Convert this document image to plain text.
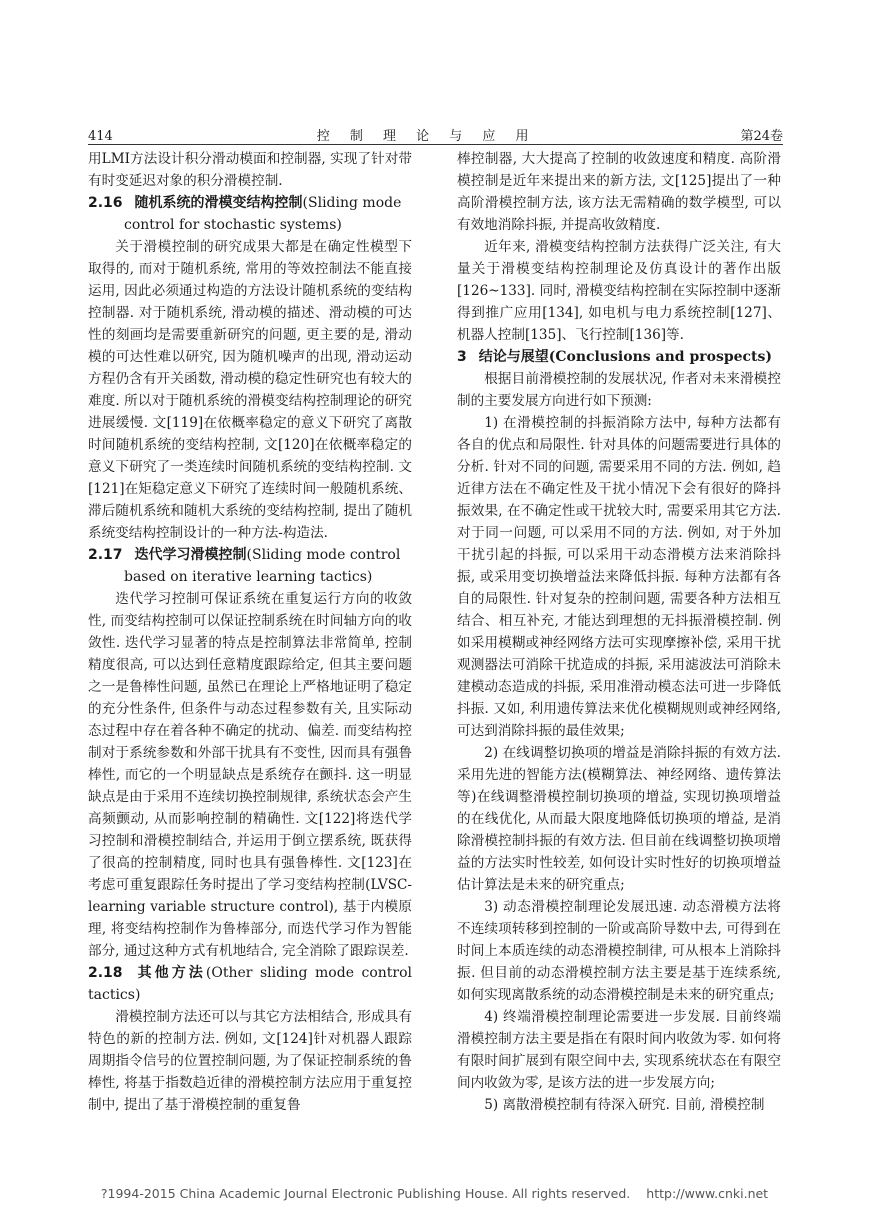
414	控 制 理 论 与 应 用	第24卷

用LMI方法设计积分滑动模面和控制器, 实现了针对带有时变延迟对象的积分滑模控制.

2.16 随机系统的滑模变结构控制(Sliding mode
control for stochastic systems)

关于滑模控制的研究成果大都是在确定性模型下取得的, 而对于随机系统, 常用的等效控制法不能直接运用, 因此必须通过构造的方法设计随机系统的变结构控制器. 对于随机系统, 滑动模的描述、滑动模的可达性的刻画均是需要重新研究的问题, 更主要的是, 滑动模的可达性难以研究, 因为随机噪声的出现, 滑动运动方程仍含有开关函数, 滑动模的稳定性研究也有较大的难度. 所以对于随机系统的滑模变结构控制理论的研究进展缓慢. 文[119]在依概率稳定的意义下研究了离散时间随机系统的变结构控制, 文[120]在依概率稳定的意义下研究了一类连续时间随机系统的变结构控制. 文[121]在矩稳定意义下研究了连续时间一般随机系统、滞后随机系统和随机大系统的变结构控制, 提出了随机系统变结构控制设计的一种方法-构造法.

2.17 迭代学习滑模控制(Sliding mode control
based on iterative learning tactics)

迭代学习控制可保证系统在重复运行方向的收敛性, 而变结构控制可以保证控制系统在时间轴方向的收敛性. 迭代学习显著的特点是控制算法非常简单, 控制精度很高, 可以达到任意精度跟踪给定, 但其主要问题之一是鲁棒性问题, 虽然已在理论上严格地证明了稳定的充分性条件, 但条件与动态过程参数有关, 且实际动态过程中存在着各种不确定的扰动、偏差. 而变结构控制对于系统参数和外部干扰具有不变性, 因而具有强鲁棒性, 而它的一个明显缺点是系统存在颤抖. 这一明显缺点是由于采用不连续切换控制规律, 系统状态会产生高频颤动, 从而影响控制的精确性. 文[122]将迭代学习控制和滑模控制结合, 并运用于倒立摆系统, 既获得了很高的控制精度, 同时也具有强鲁棒性. 文[123]在考虑可重复跟踪任务时提出了学习变结构控制(LVSC-learning variable structure control), 基于内模原理, 将变结构控制作为鲁棒部分, 而迭代学习作为智能部分, 通过这种方式有机地结合, 完全消除了跟踪误差.

2.18 其他方法(Other sliding mode control tactics)

滑模控制方法还可以与其它方法相结合, 形成具有特色的新的控制方法. 例如, 文[124]针对机器人跟踪周期指令信号的位置控制问题, 为了保证控制系统的鲁棒性, 将基于指数趋近律的滑模控制方法应用于重复控制中, 提出了基于滑模控制的重复鲁

棒控制器, 大大提高了控制的收敛速度和精度. 高阶滑模控制是近年来提出来的新方法, 文[125]提出了一种高阶滑模控制方法, 该方法无需精确的数学模型, 可以有效地消除抖振, 并提高收敛精度.

近年来, 滑模变结构控制方法获得广泛关注, 有大量关于滑模变结构控制理论及仿真设计的著作出版[126~133]. 同时, 滑模变结构控制在实际控制中逐渐得到推广应用[134], 如电机与电力系统控制[127]、机器人控制[135]、飞行控制[136]等.

3 结论与展望(Conclusions and prospects)

根据目前滑模控制的发展状况, 作者对未来滑模控制的主要发展方向进行如下预测:

1) 在滑模控制的抖振消除方法中, 每种方法都有各自的优点和局限性. 针对具体的问题需要进行具体的分析. 针对不同的问题, 需要采用不同的方法. 例如, 趋近律方法在不确定性及干扰小情况下会有很好的降抖振效果, 在不确定性或干扰较大时, 需要采用其它方法. 对于同一问题, 可以采用不同的方法. 例如, 对于外加干扰引起的抖振, 可以采用干动态滑模方法来消除抖振, 或采用变切换增益法来降低抖振. 每种方法都有各自的局限性. 针对复杂的控制问题, 需要各种方法相互结合、相互补充, 才能达到理想的无抖振滑模控制. 例如采用模糊或神经网络方法可实现摩擦补偿, 采用干扰观测器法可消除干扰造成的抖振, 采用滤波法可消除未建模动态造成的抖振, 采用准滑动模态法可进一步降低抖振. 又如, 利用遗传算法来优化模糊规则或神经网络, 可达到消除抖振的最佳效果;

2) 在线调整切换项的增益是消除抖振的有效方法. 采用先进的智能方法(模糊算法、神经网络、遗传算法等)在线调整滑模控制切换项的增益, 实现切换项增益的在线优化, 从而最大限度地降低切换项的增益, 是消除滑模控制抖振的有效方法. 但目前在线调整切换项增益的方法实时性较差, 如何设计实时性好的切换项增益估计算法是未来的研究重点;

3) 动态滑模控制理论发展迅速. 动态滑模方法将不连续项转移到控制的一阶或高阶导数中去, 可得到在时间上本质连续的动态滑模控制律, 可从根本上消除抖振. 但目前的动态滑模控制方法主要是基于连续系统, 如何实现离散系统的动态滑模控制是未来的研究重点;

4) 终端滑模控制理论需要进一步发展. 目前终端滑模控制方法主要是指在有限时间内收敛为零. 如何将有限时间扩展到有限空间中去, 实现系统状态在有限空间内收敛为零, 是该方法的进一步发展方向;

5) 离散滑模控制有待深入研究. 目前, 滑模控制

?1994-2015 China Academic Journal Electronic Publishing House. All rights reserved. http://www.cnki.net
